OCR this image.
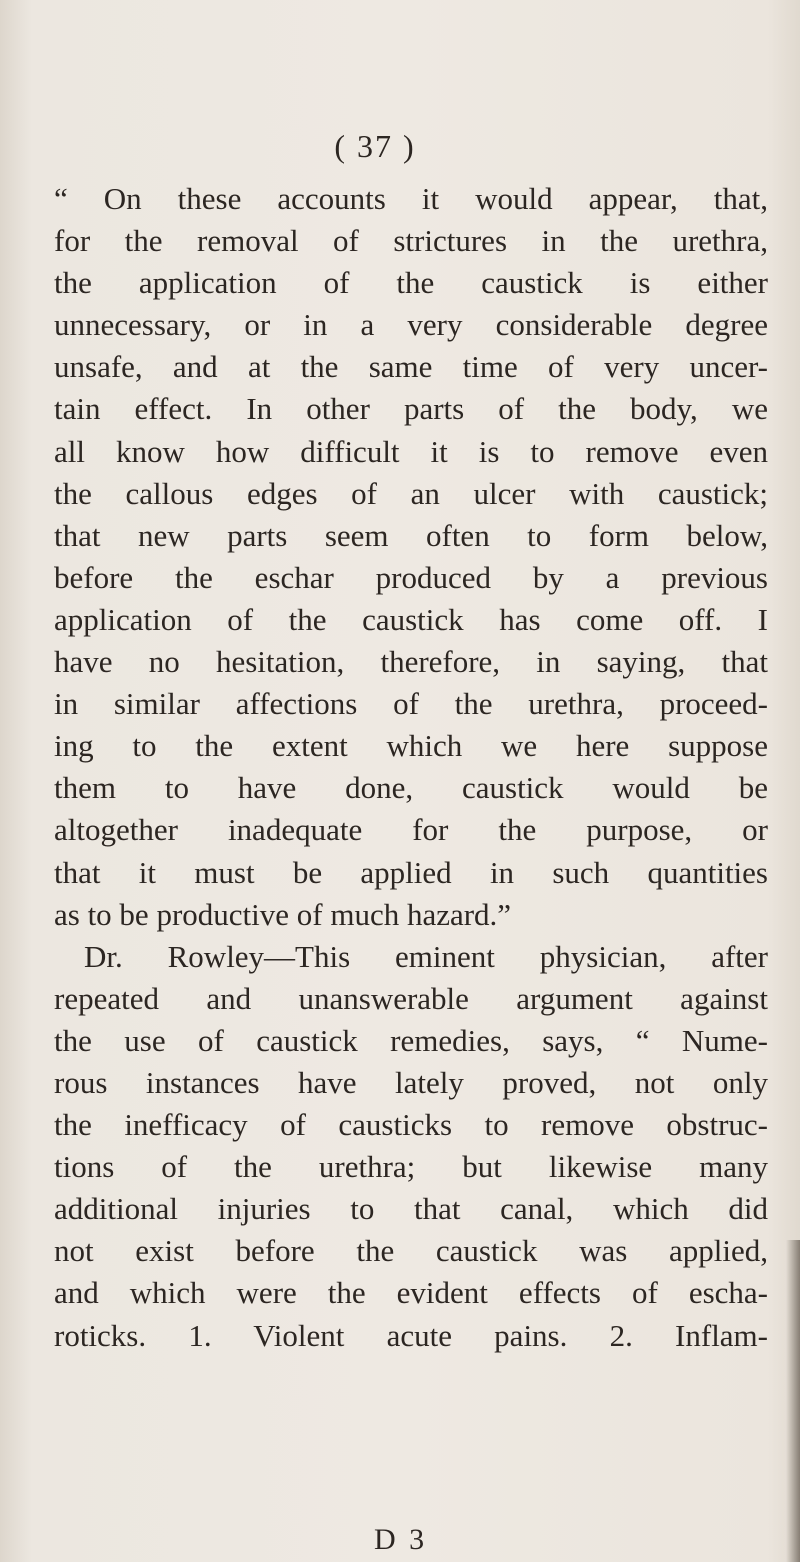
( 37 )
“ On these accounts it would appear, that,
for the removal of strictures in the urethra,
the application of the caustick is either
unnecessary, or in a very considerable degree
unsafe, and at the same time of very uncer-
tain effect. In other parts of the body, we
all know how difficult it is to remove even
the callous edges of an ulcer with caustick;
that new parts seem often to form below,
before the eschar produced by a previous
application of the caustick has come off. I
have no hesitation, therefore, in saying, that
in similar affections of the urethra, proceed-
ing to the extent which we here suppose
them to have done, caustick would be
altogether inadequate for the purpose, or
that it must be applied in such quantities
as to be productive of much hazard.”
Dr. Rowley—This eminent physician, after
repeated and unanswerable argument against
the use of caustick remedies, says, “ Nume-
rous instances have lately proved, not only
the inefficacy of causticks to remove obstruc-
tions of the urethra; but likewise many
additional injuries to that canal, which did
not exist before the caustick was applied,
and which were the evident effects of escha-
roticks. 1. Violent acute pains. 2. Inflam-
D 3
